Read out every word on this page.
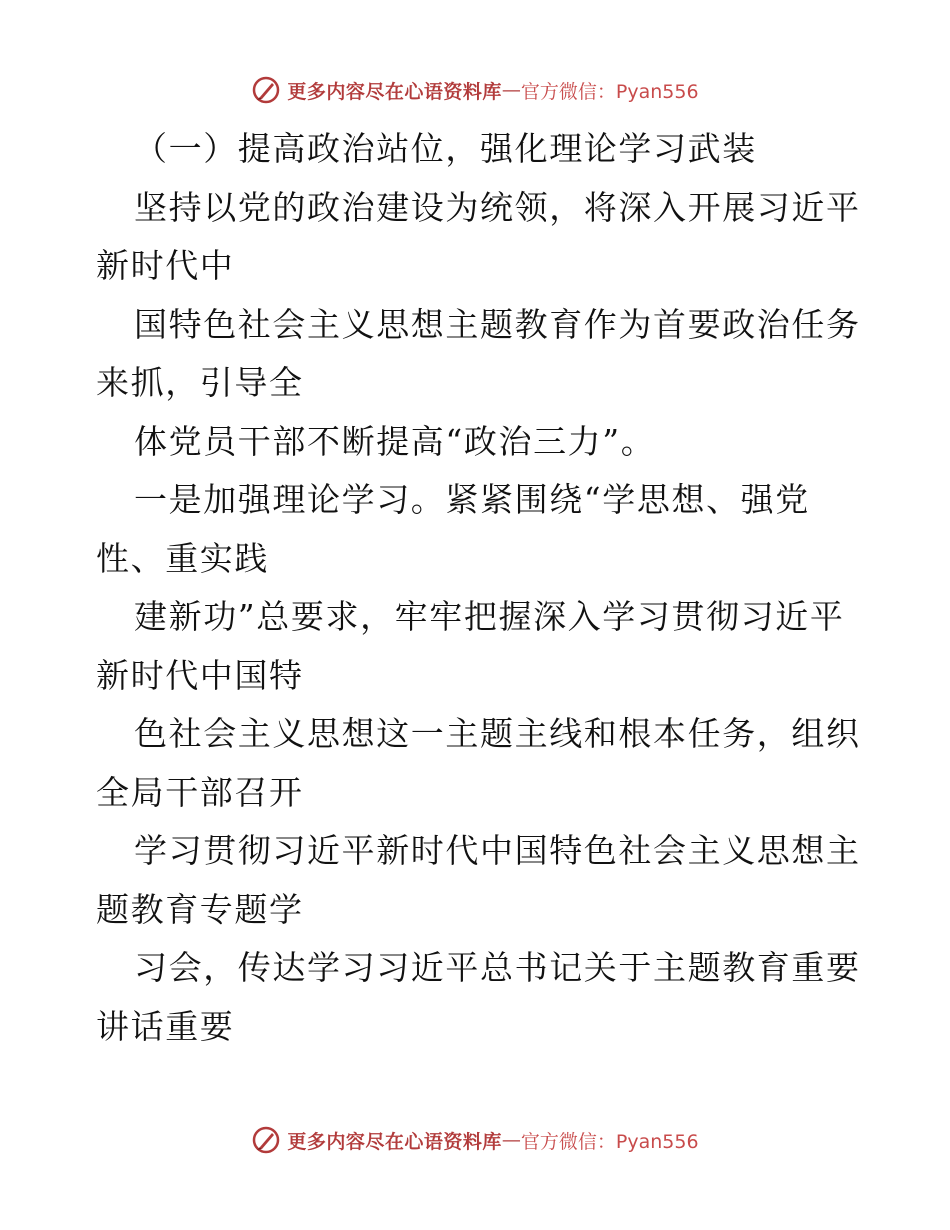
更多内容尽在心语资料库 — 官方微信：Pyan556
（一）提高政治站位，强化理论学习武装
坚持以党的政治建设为统领，将深入开展习近平
新时代中
国特色社会主义思想主题教育作为首要政治任务
来抓，引导全
体党员干部不断提高“政治三力”。
一是加强理论学习。紧紧围绕“学思想、强党
性、重实践
建新功”总要求，牢牢把握深入学习贯彻习近平
新时代中国特
色社会主义思想这一主题主线和根本任务，组织
全局干部召开
学习贯彻习近平新时代中国特色社会主义思想主
题教育专题学
习会，传达学习习近平总书记关于主题教育重要
讲话重要
更多内容尽在心语资料库 — 官方微信：Pyan556
